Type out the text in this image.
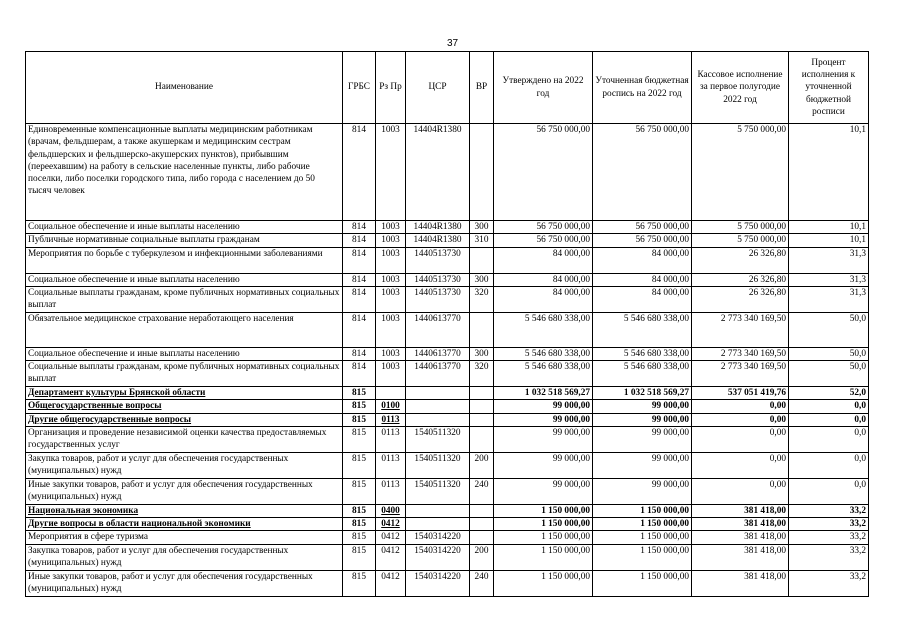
37
Наименование	ГРБС	Рз Пр	ЦСР	ВР	Утверждено на 2022 год	Уточненная бюджетная роспись на 2022 год	Кассовое исполнение за первое полугодие 2022 год	Процент исполнения к уточненной бюджетной росписи
Единовременные компенсационные выплаты медицинским работникам (врачам, фельдшерам, а также акушеркам и медицинским сестрам фельдшерских и фельдшерско-акушерских пунктов), прибывшим (переехавшим) на работу в сельские населенные пункты, либо рабочие поселки, либо поселки городского типа, либо города с населением до 50 тысяч человек	814	1003	14404R1380		56 750 000,00	56 750 000,00	5 750 000,00	10,1
Социальное обеспечение и иные выплаты населению	814	1003	14404R1380	300	56 750 000,00	56 750 000,00	5 750 000,00	10,1
Публичные нормативные социальные выплаты гражданам	814	1003	14404R1380	310	56 750 000,00	56 750 000,00	5 750 000,00	10,1
Мероприятия по борьбе с туберкулезом и инфекционными заболеваниями	814	1003	1440513730		84 000,00	84 000,00	26 326,80	31,3
Социальное обеспечение и иные выплаты населению	814	1003	1440513730	300	84 000,00	84 000,00	26 326,80	31,3
Социальные выплаты гражданам, кроме публичных нормативных социальных выплат	814	1003	1440513730	320	84 000,00	84 000,00	26 326,80	31,3
Обязательное медицинское страхование неработающего населения	814	1003	1440613770		5 546 680 338,00	5 546 680 338,00	2 773 340 169,50	50,0
Социальное обеспечение и иные выплаты населению	814	1003	1440613770	300	5 546 680 338,00	5 546 680 338,00	2 773 340 169,50	50,0
Социальные выплаты гражданам, кроме публичных нормативных социальных выплат	814	1003	1440613770	320	5 546 680 338,00	5 546 680 338,00	2 773 340 169,50	50,0
Департамент культуры Брянской области	815				1 032 518 569,27	1 032 518 569,27	537 051 419,76	52,0
Общегосударственные вопросы	815	0100			99 000,00	99 000,00	0,00	0,0
Другие общегосударственные вопросы	815	0113			99 000,00	99 000,00	0,00	0,0
Организация и проведение независимой оценки качества предоставляемых государственных услуг	815	0113	1540511320		99 000,00	99 000,00	0,00	0,0
Закупка товаров, работ и услуг для обеспечения государственных (муниципальных) нужд	815	0113	1540511320	200	99 000,00	99 000,00	0,00	0,0
Иные закупки товаров, работ и услуг для обеспечения государственных (муниципальных) нужд	815	0113	1540511320	240	99 000,00	99 000,00	0,00	0,0
Национальная экономика	815	0400			1 150 000,00	1 150 000,00	381 418,00	33,2
Другие вопросы в области национальной экономики	815	0412			1 150 000,00	1 150 000,00	381 418,00	33,2
Мероприятия в сфере туризма	815	0412	1540314220		1 150 000,00	1 150 000,00	381 418,00	33,2
Закупка товаров, работ и услуг для обеспечения государственных (муниципальных) нужд	815	0412	1540314220	200	1 150 000,00	1 150 000,00	381 418,00	33,2
Иные закупки товаров, работ и услуг для обеспечения государственных (муниципальных) нужд	815	0412	1540314220	240	1 150 000,00	1 150 000,00	381 418,00	33,2
